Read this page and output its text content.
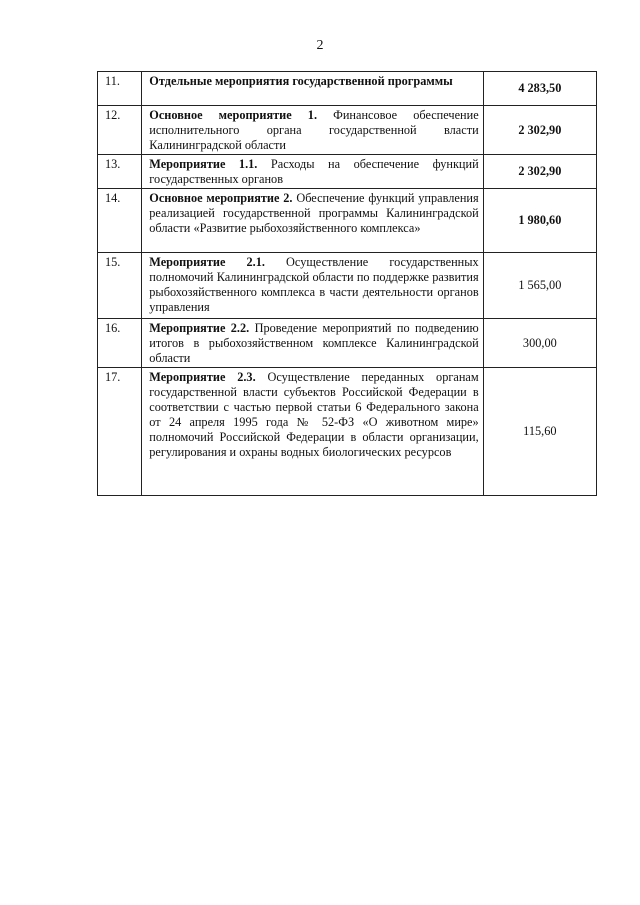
2
11.	Отдельные мероприятия государственной программы	4 283,50
12.	Основное мероприятие 1. Финансовое обеспечение исполнительного органа государственной власти Калининградской области	2 302,90
13.	Мероприятие 1.1. Расходы на обеспечение функций государственных органов	2 302,90
14.	Основное мероприятие 2. Обеспечение функций управления реализацией государственной программы Калининградской области «Развитие рыбохозяйственного комплекса»	1 980,60
15.	Мероприятие 2.1. Осуществление государственных полномочий Калининградской области по поддержке развития рыбохозяйственного комплекса в части деятельности органов управления	1 565,00
16.	Мероприятие 2.2. Проведение мероприятий по подведению итогов в рыбохозяйственном комплексе Калининградской области	300,00
17.	Мероприятие 2.3. Осуществление переданных органам государственной власти субъектов Российской Федерации в соответствии с частью первой статьи 6 Федерального закона от 24 апреля 1995 года № 52-ФЗ «О животном мире» полномочий Российской Федерации в области организации, регулирования и охраны водных биологических ресурсов	115,60
